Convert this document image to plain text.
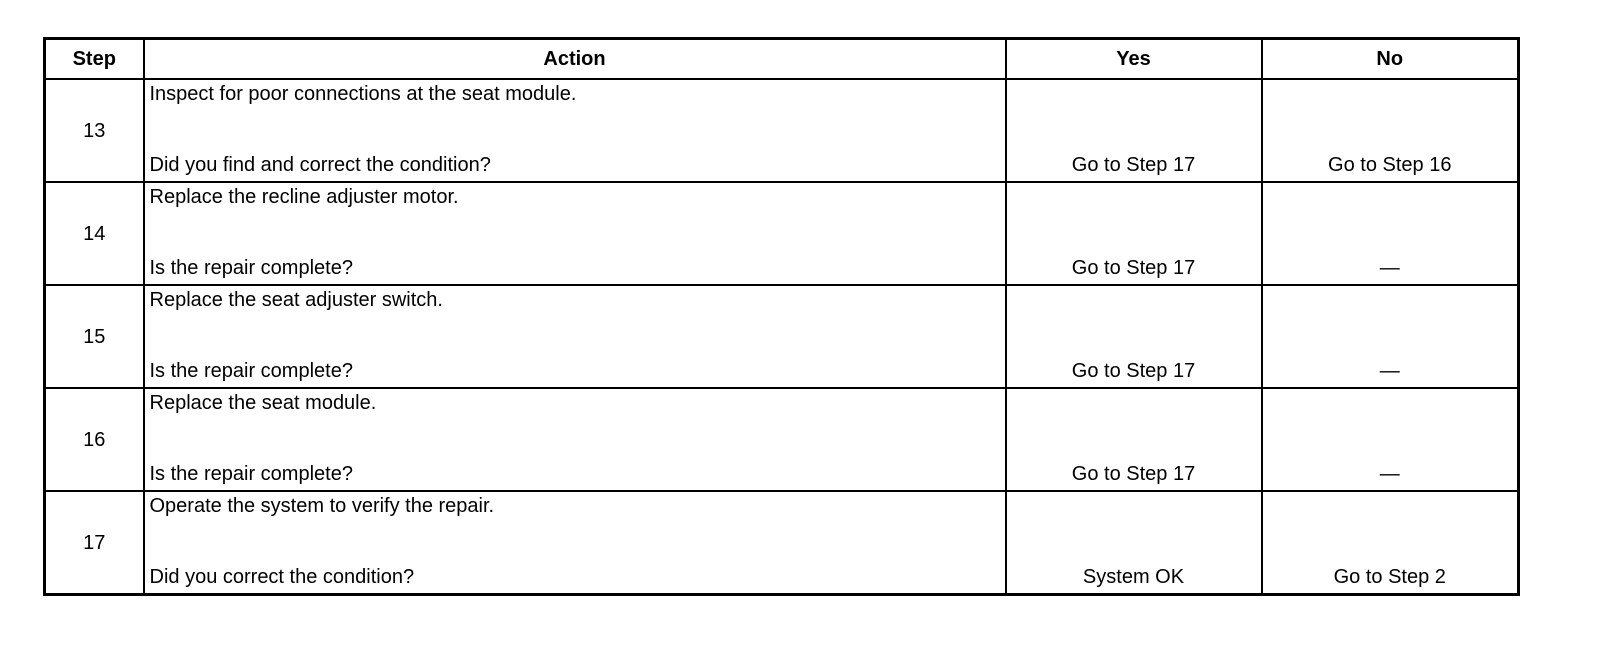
Step	Action	Yes	No
13	Inspect for poor connections at the seat module.
Did you find and correct the condition?	Go to Step 17	Go to Step 16

14	Replace the recline adjuster motor.
Is the repair complete?	Go to Step 17	—

15	Replace the seat adjuster switch.
Is the repair complete?	Go to Step 17	—

16	Replace the seat module.
Is the repair complete?	Go to Step 17	—

17	Operate the system to verify the repair.
Did you correct the condition?	System OK	Go to Step 2
